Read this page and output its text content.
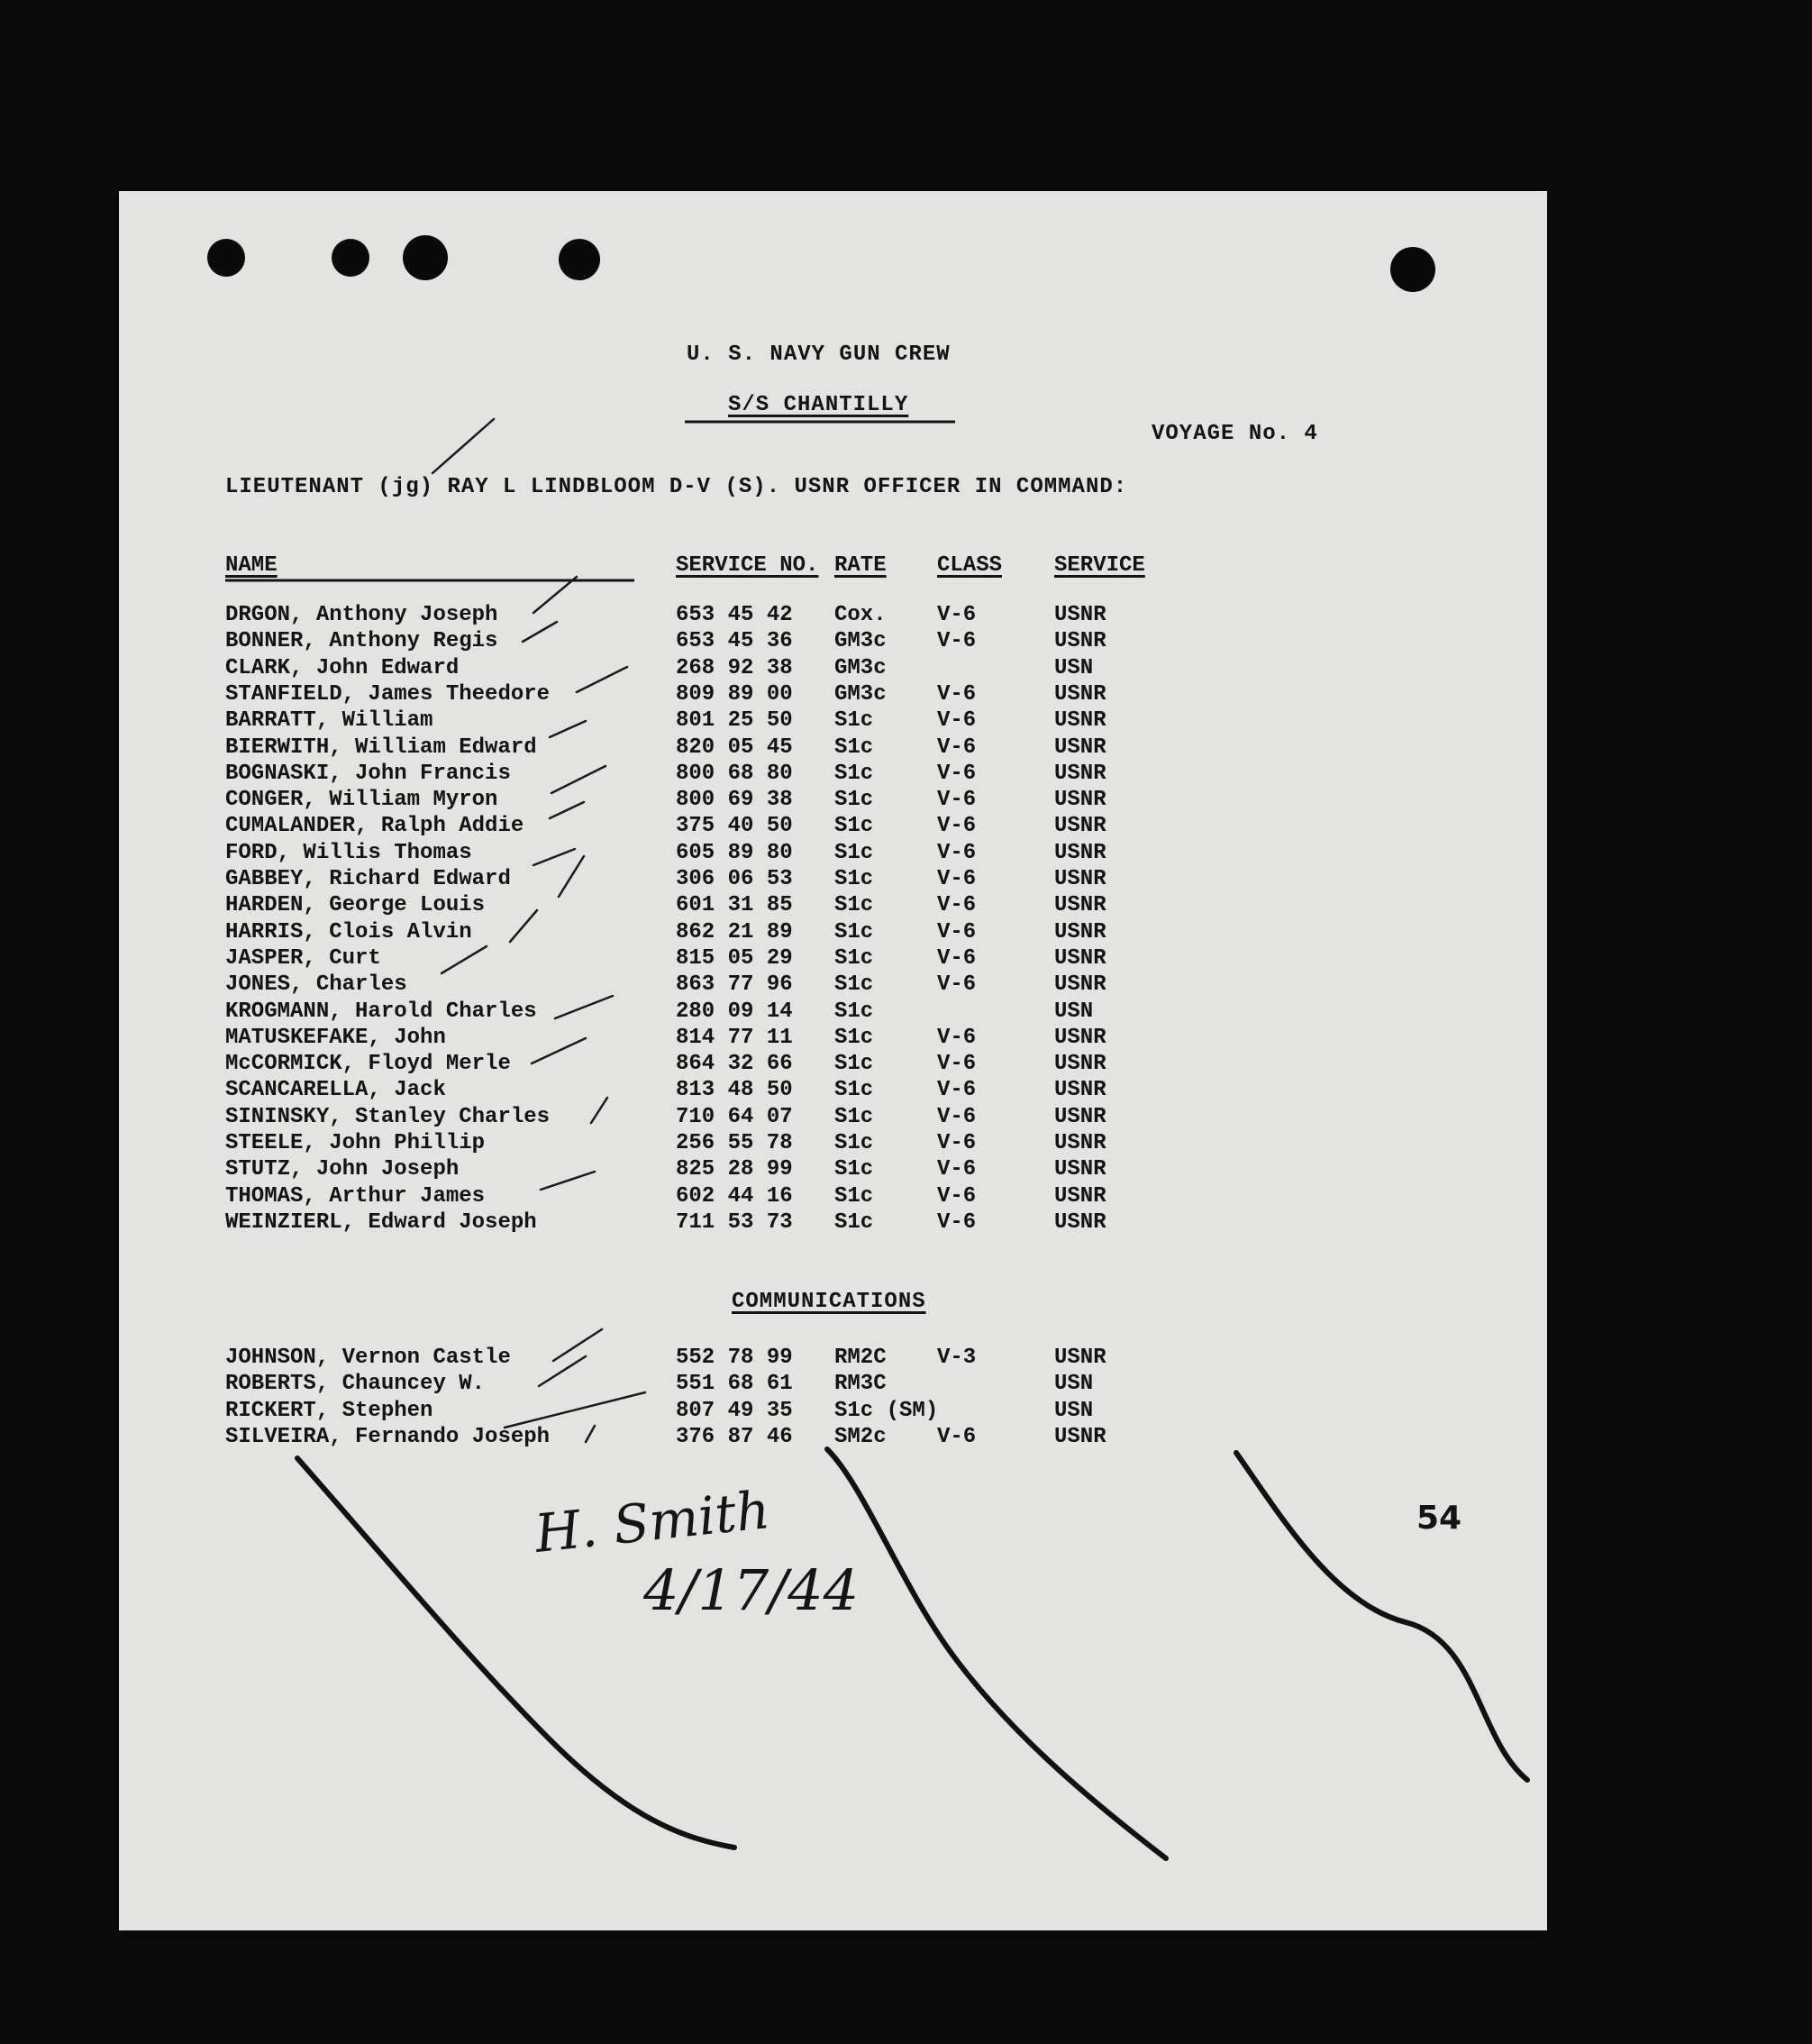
U. S. NAVY GUN CREW
S/S CHANTILLY
VOYAGE No. 4
LIEUTENANT (jg) RAY L LINDBLOOM D-V (S). USNR OFFICER IN COMMAND:
NAME	SERVICE NO. RATE CLASS SERVICE
DRGON, Anthony Joseph	653 45 42 Cox. V-6	USNR
BONNER, Anthony Regis	653 45 36 GM3c V-6	USNR
CLARK, John Edward	268 92 38 GM3c	USN
STANFIELD, James Theedore	809 89 00 GM3c V-6	USNR
BARRATT, William	801 25 50 S1c	V-6	USNR
BIERWITH, William Edward	820 05 45 S1c	V-6	USNR
BOGNASKI, John Francis	800 68 80 S1c	V-6	USNR
CONGER, William Myron	800 69 38 S1c	V-6	USNR
CUMALANDER, Ralph Addie	375 40 50 S1c	V-6	USNR
FORD, Willis Thomas	605 89 80 S1c	V-6	USNR
GABBEY, Richard Edward	306 06 53 S1c	V-6	USNR
HARDEN, George Louis	601 31 85 S1c	V-6	USNR
HARRIS, Clois Alvin	862 21 89 S1c	V-6	USNR
JASPER, Curt	815 05 29 S1c	V-6	USNR
JONES, Charles	863 77 96 S1c	V-6	USNR
KROGMANN, Harold Charles	280 09 14 S1c	USN
MATUSKEFAKE, John	814 77 11 S1c	V-6	USNR
McCORMICK, Floyd Merle	864 32 66 S1c	V-6	USNR
SCANCARELLA, Jack	813 48 50 S1c	V-6	USNR
SININSKY, Stanley Charles	710 64 07 S1c	V-6	USNR
STEELE, John Phillip	256 55 78 S1c	V-6	USNR
STUTZ, John Joseph	825 28 99 S1c	V-6	USNR
THOMAS, Arthur James	602 44 16 S1c	V-6	USNR
WEINZIERL, Edward Joseph	711 53 73 S1c	V-6	USNR
COMMUNICATIONS
JOHNSON, Vernon Castle	552 78 99 RM2C V-3	USNR
ROBERTS, Chauncey W.	551 68 61 RM3C	USN
RICKERT, Stephen	807 49 35 S1c (SM)	USN
SILVEIRA, Fernando Joseph	376 87 46 SM2c V-6	USNR
54
H. Smith
4/17/44
